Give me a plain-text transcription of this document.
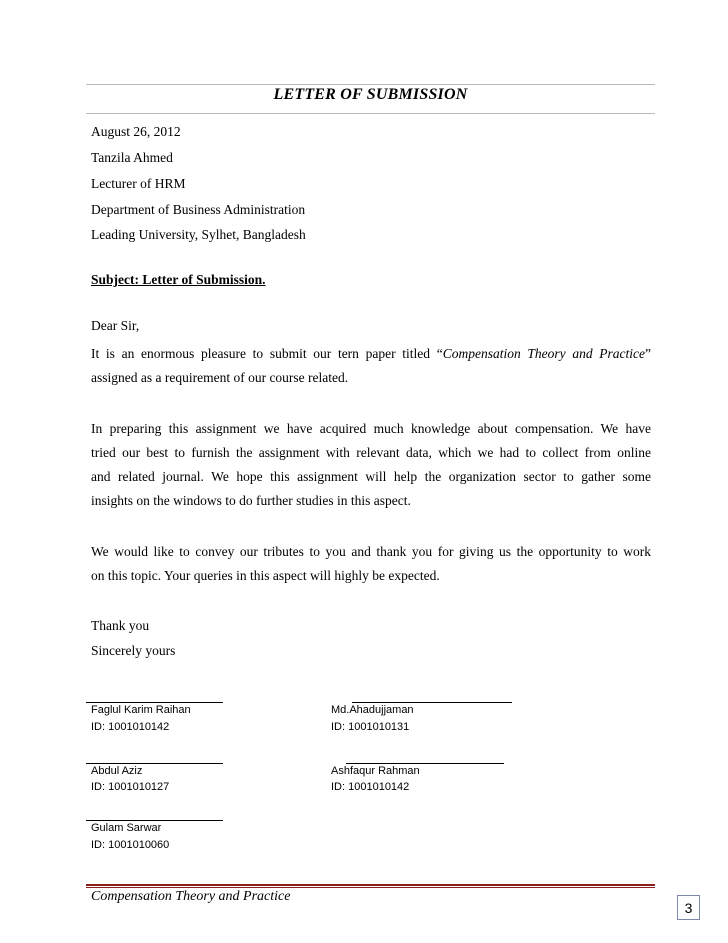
LETTER OF SUBMISSION
August 26, 2012
Tanzila Ahmed
Lecturer of HRM
Department of Business Administration
Leading University, Sylhet, Bangladesh
Subject: Letter of Submission.
Dear Sir,
It is an enormous pleasure to submit our tern paper titled “Compensation Theory and Practice”
assigned as a requirement of our course related.
In preparing this assignment we have acquired much knowledge about compensation. We have
tried our best to furnish the assignment with relevant data, which we had to collect from online
and related journal. We hope this assignment will help the organization sector to gather some
insights on the windows to do further studies in this aspect.
We would like to convey our tributes to you and thank you for giving us the opportunity to work
on this topic. Your queries in this aspect will highly be expected.
Thank you
Sincerely yours
Faglul Karim Raihan
ID: 1001010142
Md.Ahadujjaman
ID: 1001010131
Abdul Aziz
ID: 1001010127
Ashfaqur Rahman
ID: 1001010142
Gulam Sarwar
ID: 1001010060
Compensation Theory and Practice
3
